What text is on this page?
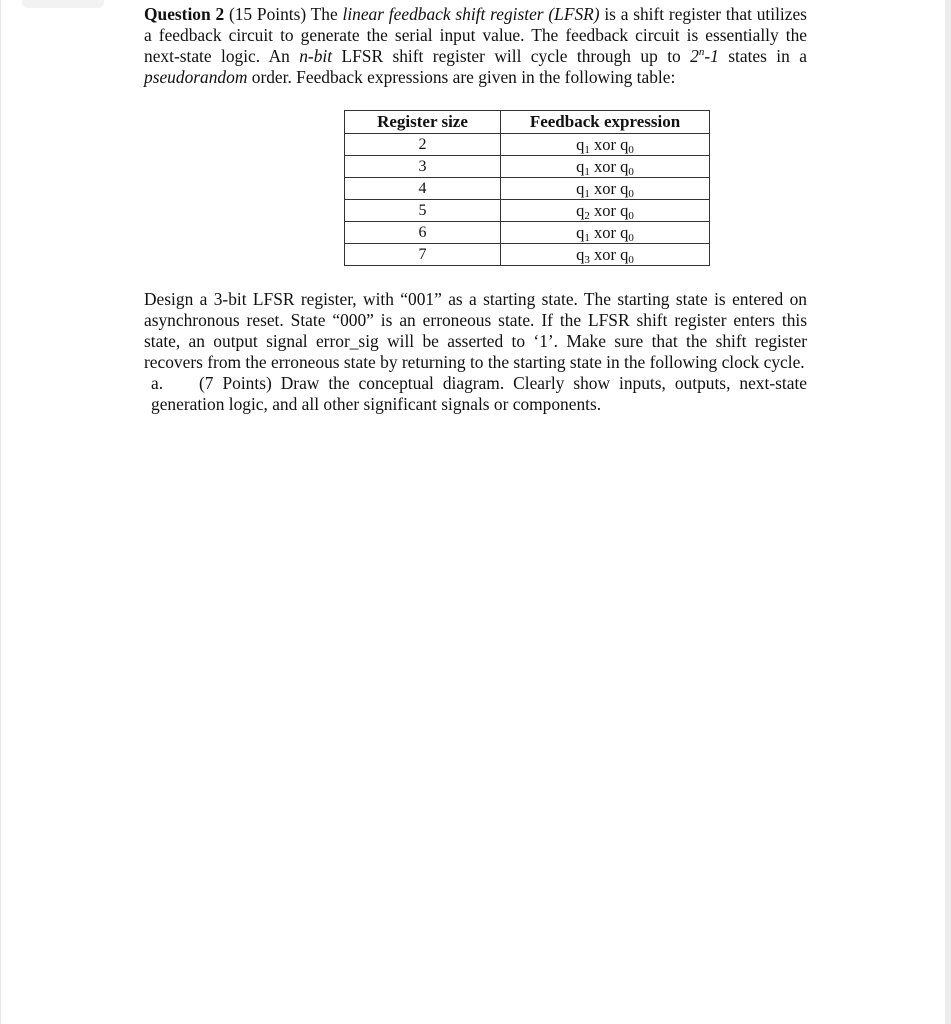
Question 2 (15 Points) The linear feedback shift register (LFSR) is a shift register that utilizes a feedback circuit to generate the serial input value. The feedback circuit is essentially the next-state logic. An n-bit LFSR shift register will cycle through up to 2$^n$-1 states in a pseudorandom order. Feedback expressions are given in the following table:

Register size	Feedback expression
2	$q_1$ xor $q_0$
3	$q_1$ xor $q_0$
4	$q_1$ xor $q_0$
5	$q_2$ xor $q_0$
6	$q_1$ xor $q_0$
7	$q_3$ xor $q_0$

Design a 3-bit LFSR register, with “001” as a starting state. The starting state is entered on asynchronous reset. State “000” is an erroneous state. If the LFSR shift register enters this state, an output signal error_sig will be asserted to ‘1’. Make sure that the shift register recovers from the erroneous state by returning to the starting state in the following clock cycle.

a. (7 Points) Draw the conceptual diagram. Clearly show inputs, outputs, next-state generation logic, and all other significant signals or components.
